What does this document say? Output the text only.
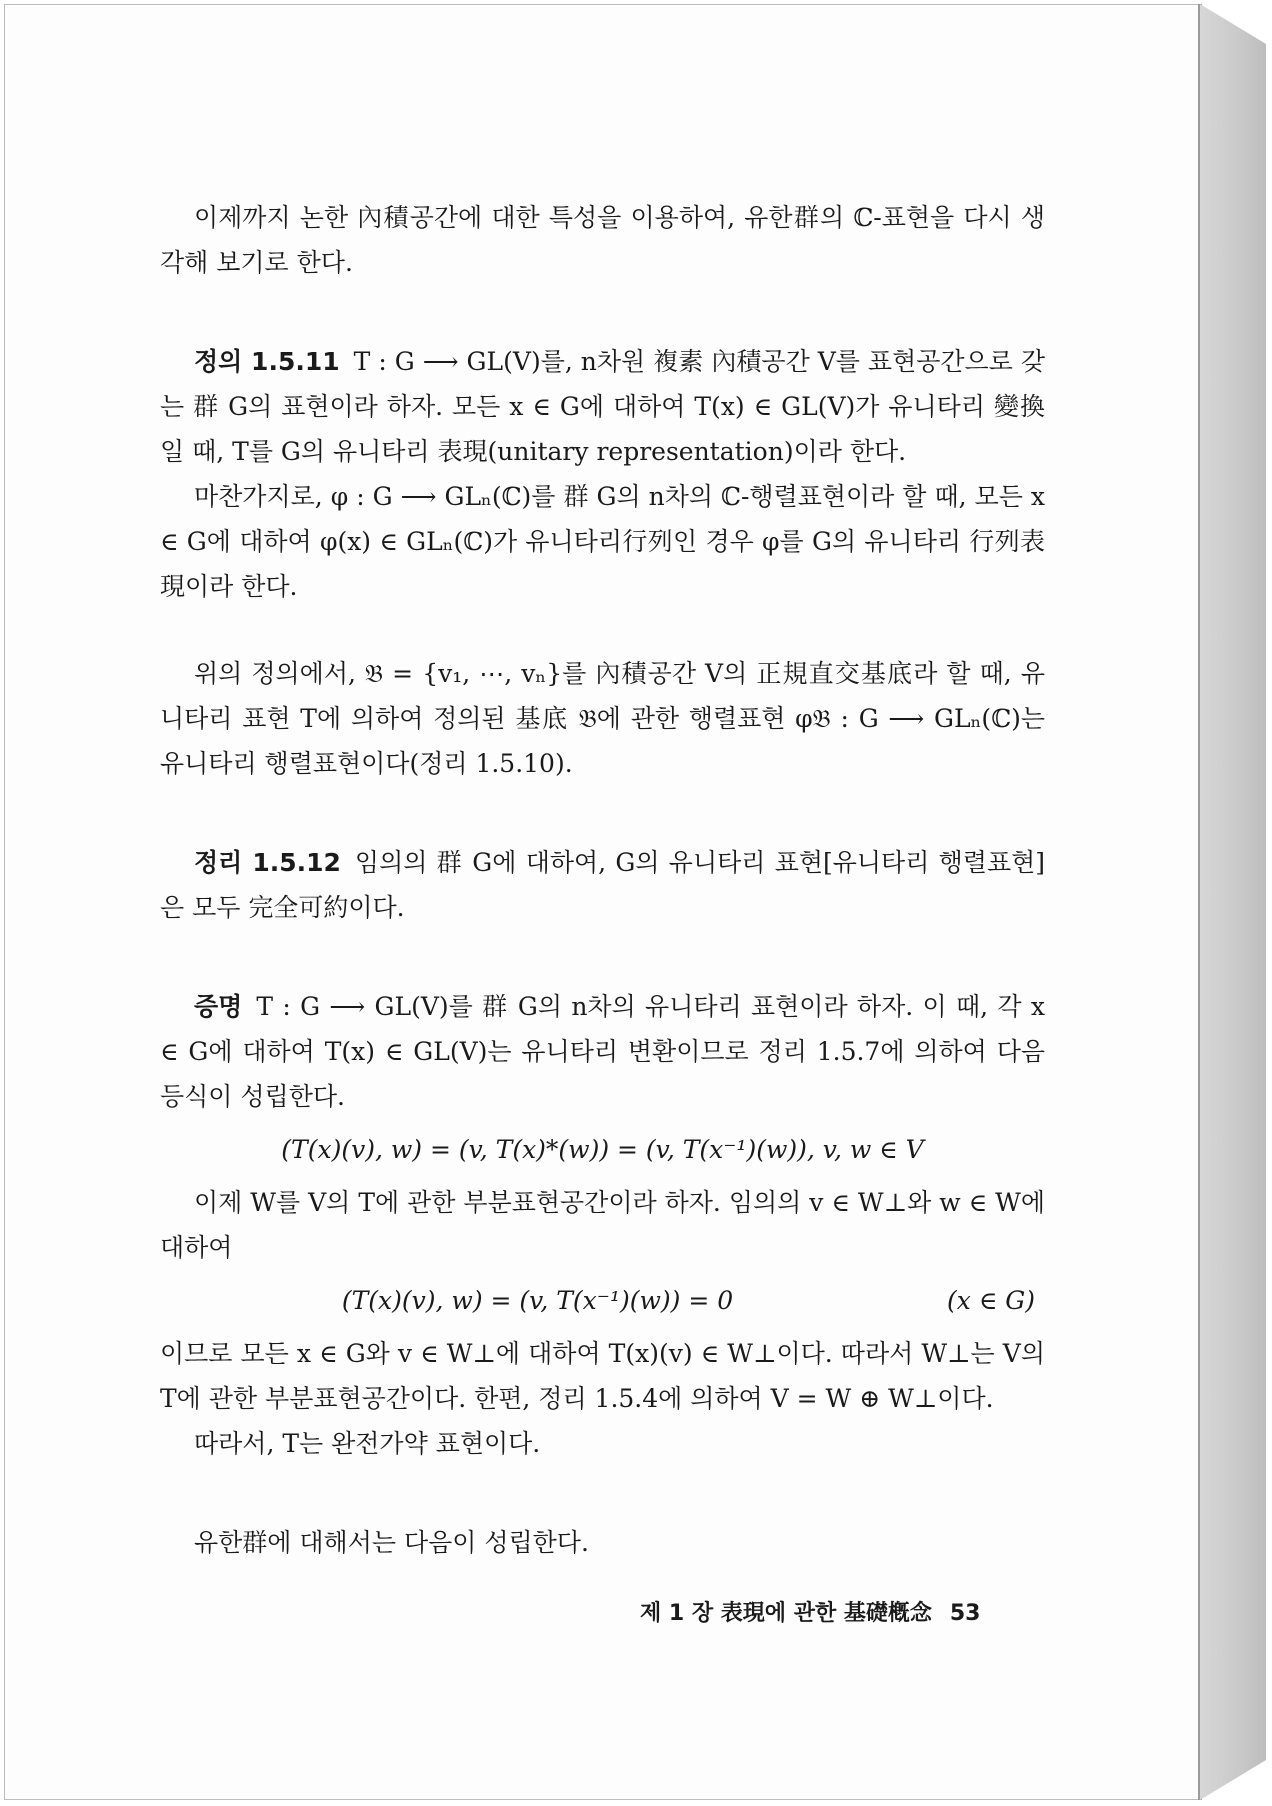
이제까지 논한 內積공간에 대한 특성을 이용하여, 유한群의 ℂ-표현을 다시 생각해 보기로 한다.

정의 1.5.11 T : G ⟶ GL(V)를, n차원 複素 內積공간 V를 표현공간으로 갖는 群 G의 표현이라 하자. 모든 x ∈ G에 대하여 T(x) ∈ GL(V)가 유니타리 變換일 때, T를 G의 유니타리 表現(unitary representation)이라 한다.

마찬가지로, φ : G ⟶ GLₙ(ℂ)를 群 G의 n차의 ℂ-행렬표현이라 할 때, 모든 x ∈ G에 대하여 φ(x) ∈ GLₙ(ℂ)가 유니타리行列인 경우 φ를 G의 유니타리 行列表現이라 한다.

위의 정의에서, 𝔅 = {v₁, ⋯, vₙ}를 內積공간 V의 正規直交基底라 할 때, 유니타리 표현 T에 의하여 정의된 基底 𝔅에 관한 행렬표현 φ𝔅 : G ⟶ GLₙ(ℂ)는 유니타리 행렬표현이다(정리 1.5.10).

정리 1.5.12 임의의 群 G에 대하여, G의 유니타리 표현[유니타리 행렬표현]은 모두 完全可約이다.

증명 T : G ⟶ GL(V)를 群 G의 n차의 유니타리 표현이라 하자. 이 때, 각 x ∈ G에 대하여 T(x) ∈ GL(V)는 유니타리 변환이므로 정리 1.5.7에 의하여 다음 등식이 성립한다.

(T(x)(v), w) = (v, T(x)*(w)) = (v, T(x⁻¹)(w)), v, w ∈ V

이제 W를 V의 T에 관한 부분표현공간이라 하자. 임의의 v ∈ W⊥와 w ∈ W에 대하여

(T(x)(v), w) = (v, T(x⁻¹)(w)) = 0	(x ∈ G)

이므로 모든 x ∈ G와 v ∈ W⊥에 대하여 T(x)(v) ∈ W⊥이다. 따라서 W⊥는 V의 T에 관한 부분표현공간이다. 한편, 정리 1.5.4에 의하여 V = W ⊕ W⊥이다.

따라서, T는 완전가약 표현이다.

유한群에 대해서는 다음이 성립한다.

제 1 장 表現에 관한 基礎槪念 53
